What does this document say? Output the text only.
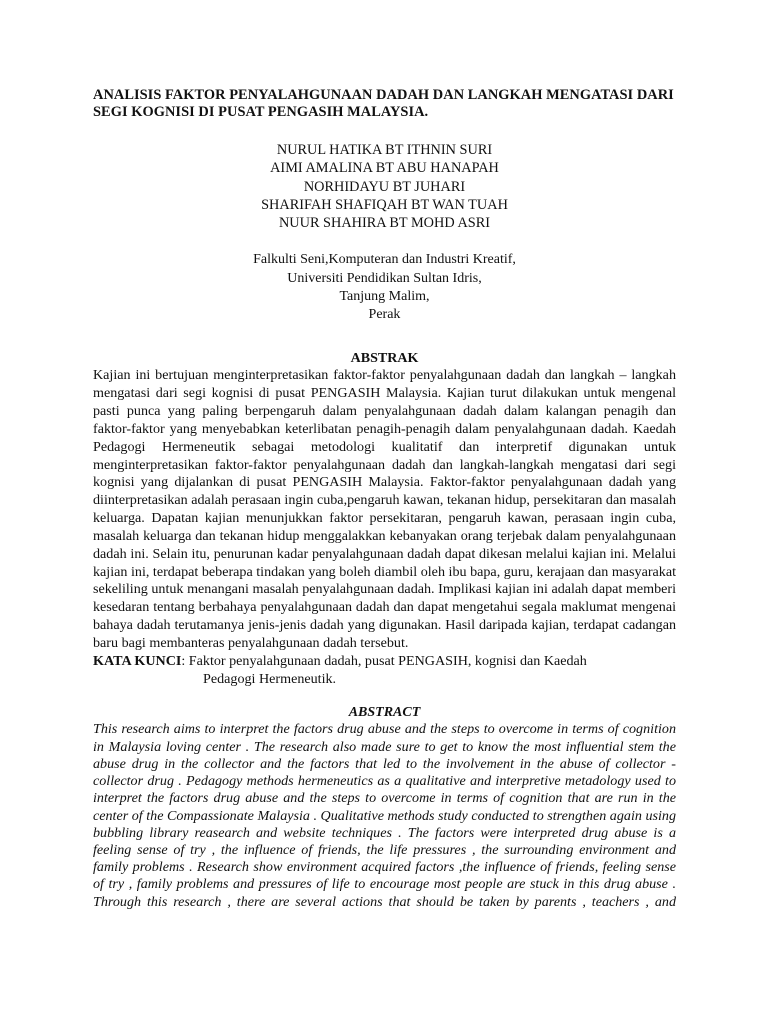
ANALISIS FAKTOR PENYALAHGUNAAN DADAH DAN LANGKAH MENGATASI DARI SEGI KOGNISI DI PUSAT PENGASIH MALAYSIA.
NURUL HATIKA BT ITHNIN SURI
AIMI AMALINA BT ABU HANAPAH
NORHIDAYU BT JUHARI
SHARIFAH SHAFIQAH BT WAN TUAH
NUUR SHAHIRA BT MOHD ASRI
Falkulti Seni,Komputeran dan Industri Kreatif,
Universiti Pendidikan Sultan Idris,
Tanjung Malim,
Perak
ABSTRAK

Kajian ini bertujuan menginterpretasikan faktor-faktor penyalahgunaan dadah dan langkah – langkah mengatasi dari segi kognisi di pusat PENGASIH Malaysia. Kajian turut dilakukan untuk mengenal pasti punca yang paling berpengaruh dalam penyalahgunaan dadah dalam kalangan penagih dan faktor-faktor yang menyebabkan keterlibatan penagih-penagih dalam penyalahgunaan dadah. Kaedah Pedagogi Hermeneutik sebagai metodologi kualitatif dan interpretif digunakan untuk menginterpretasikan faktor-faktor penyalahgunaan dadah dan langkah-langkah mengatasi dari segi kognisi yang dijalankan di pusat PENGASIH Malaysia. Faktor-faktor penyalahgunaan dadah yang diinterpretasikan adalah perasaan ingin cuba,pengaruh kawan, tekanan hidup, persekitaran dan masalah keluarga. Dapatan kajian menunjukkan faktor persekitaran, pengaruh kawan, perasaan ingin cuba, masalah keluarga dan tekanan hidup menggalakkan kebanyakan orang terjebak dalam penyalahgunaan dadah ini. Selain itu, penurunan kadar penyalahgunaan dadah dapat dikesan melalui kajian ini. Melalui kajian ini, terdapat beberapa tindakan yang boleh diambil oleh ibu bapa, guru, kerajaan dan masyarakat sekeliling untuk menangani masalah penyalahgunaan dadah. Implikasi kajian ini adalah dapat memberi kesedaran tentang berbahaya penyalahgunaan dadah dan dapat mengetahui segala maklumat mengenai bahaya dadah terutamanya jenis-jenis dadah yang digunakan. Hasil daripada kajian, terdapat cadangan baru bagi membanteras penyalahgunaan dadah tersebut.

KATA KUNCI : Faktor penyalahgunaan dadah, pusat PENGASIH, kognisi dan Kaedah
Pedagogi Hermeneutik.
ABSTRACT
This research aims to interpret the factors drug abuse and the steps to overcome in terms of cognition in Malaysia loving center . The research also made sure to get to know the most influential stem the abuse drug in the collector and the factors that led to the involvement in the abuse of collector - collector drug . Pedagogy methods hermeneutics as a qualitative and interpretive metadology used to interpret the factors drug abuse and the steps to overcome in terms of cognition that are run in the center of the Compassionate Malaysia . Qualitative methods study conducted to strengthen again using bubbling library reasearch and website techniques . The factors were interpreted drug abuse is a feeling sense of try , the influence of friends, the life pressures , the surrounding environment and family problems . Research show environment acquired factors ,the influence of friends, feeling sense of try , family problems and pressures of life to encourage most people are stuck in this drug abuse . Through this research , there are several actions that should be taken by parents , teachers , and
